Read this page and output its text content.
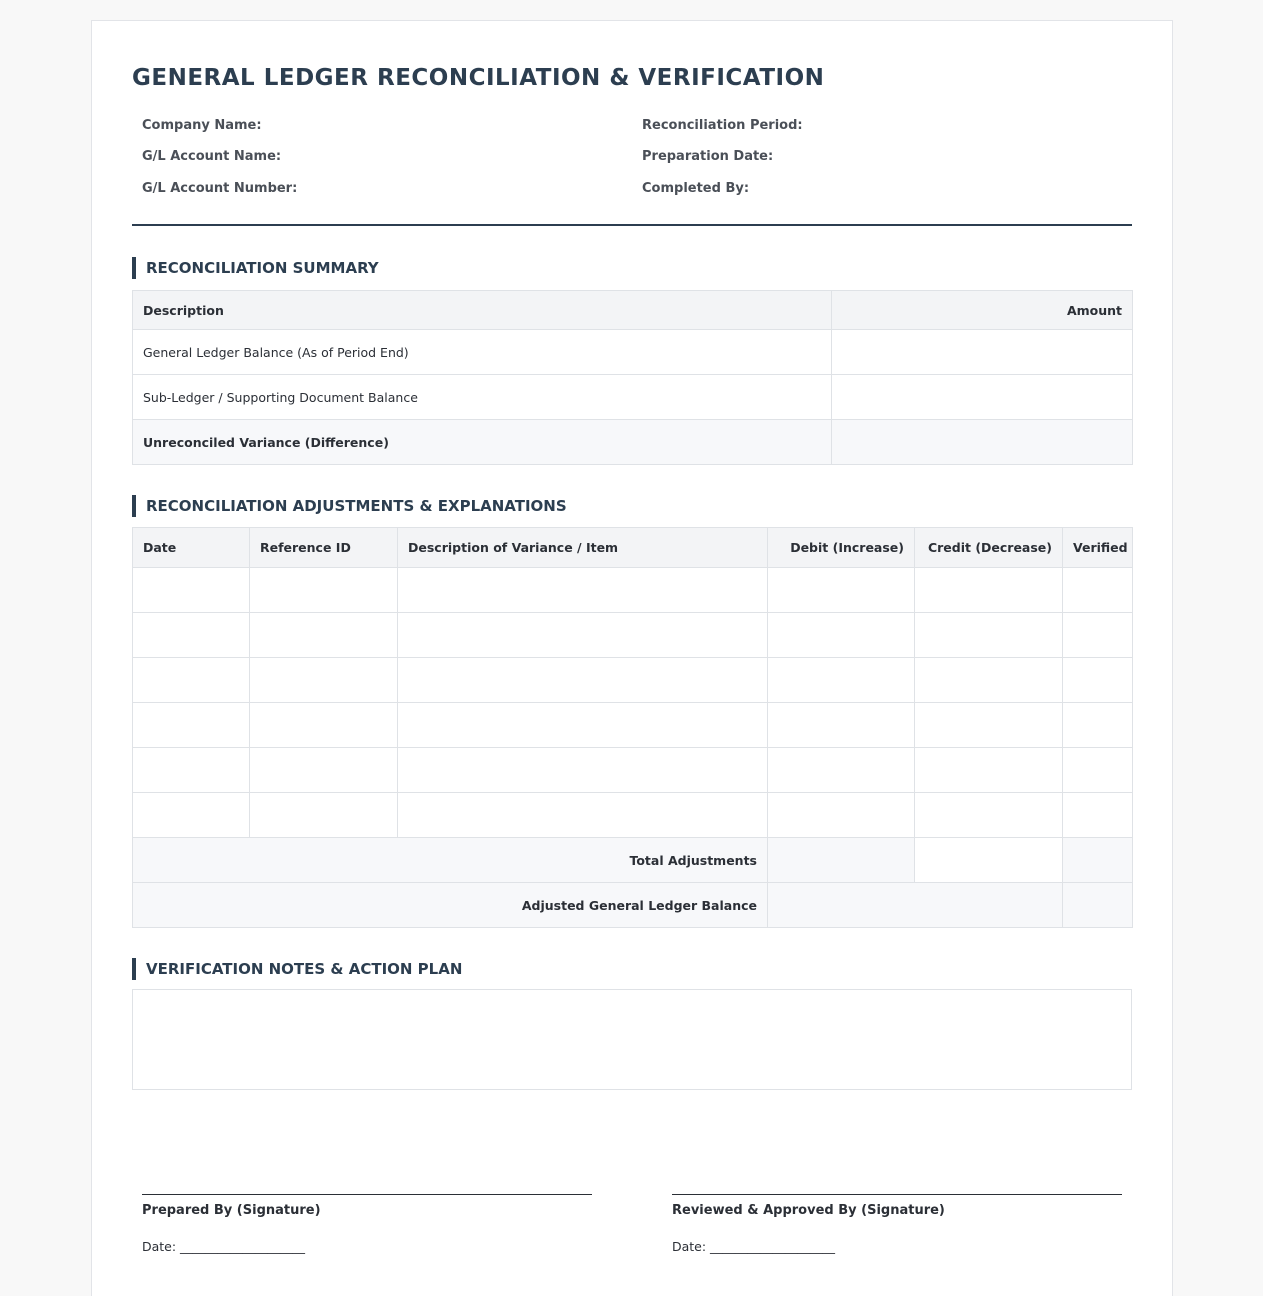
GENERAL LEDGER RECONCILIATION & VERIFICATION
Company Name:
G/L Account Name:
G/L Account Number:
Reconciliation Period:
Preparation Date:
Completed By:
RECONCILIATION SUMMARY
Description	Amount
General Ledger Balance (As of Period End)	
Sub-Ledger / Supporting Document Balance	
Unreconciled Variance (Difference)	
RECONCILIATION ADJUSTMENTS & EXPLANATIONS
Date	Reference ID	Description of Variance / Item	Debit (Increase)	Credit (Decrease)	Verified

Total Adjustments					
Adjusted General Ledger Balance					
VERIFICATION NOTES & ACTION PLAN
Prepared By (Signature)
Date: ____________________
Reviewed & Approved By (Signature)
Date: ____________________
